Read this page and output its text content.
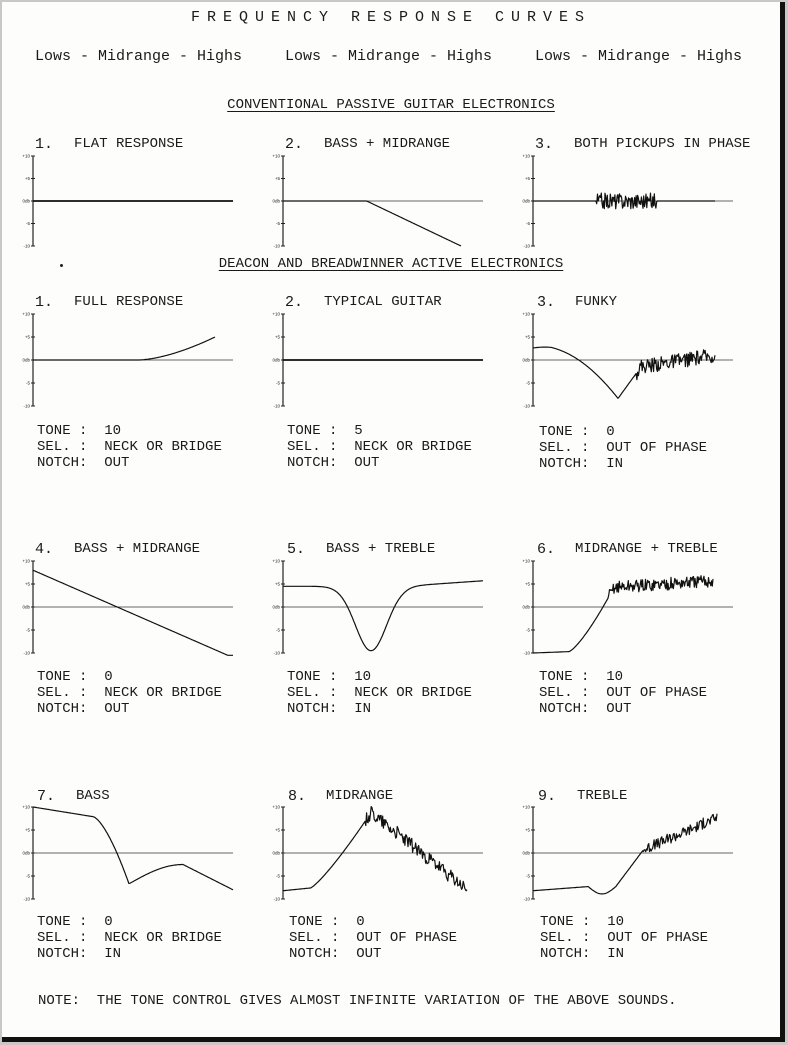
FREQUENCY RESPONSE CURVES
Lows - Midrange - Highs	Lows - Midrange - Highs	Lows - Midrange - Highs
CONVENTIONAL PASSIVE GUITAR ELECTRONICS
DEACON AND BREADWINNER ACTIVE ELECTRONICS
1. FLAT RESPONSE	2. BASS + MIDRANGE	3. BOTH PICKUPS IN PHASE
1. FULL RESPONSE	2. TYPICAL GUITAR	3. FUNKY
4. BASS + MIDRANGE	5. BASS + TREBLE	6. MIDRANGE + TREBLE
7. BASS	8. MIDRANGE	9. TREBLE
+10
+5
0db
-5
-10
+10
+5
0db
-5
-10
+10
+5
0db
-5
-10
+10
+5
0db
-5
-10
+10
+5
0db
-5
-10
+10
+5
0db
-5
-10
+10
+5
0db
-5
-10
+10
+5
0db
-5
-10
+10
+5
0db
-5
-10
+10
+5
0db
-5
-10
+10
+5
0db
-5
-10
+10
+5
0db
-5
-10
TONE : 10
SEL. : NECK OR BRIDGE
NOTCH: OUT
TONE : 5
SEL. : NECK OR BRIDGE
NOTCH: OUT
TONE : 0
SEL. : OUT OF PHASE
NOTCH: IN
TONE : 0
SEL. : NECK OR BRIDGE
NOTCH: OUT
TONE : 10
SEL. : NECK OR BRIDGE
NOTCH: IN
TONE : 10
SEL. : OUT OF PHASE
NOTCH: OUT
TONE : 0
SEL. : NECK OR BRIDGE
NOTCH: IN
TONE : 0
SEL. : OUT OF PHASE
NOTCH: OUT
TONE : 10
SEL. : OUT OF PHASE
NOTCH: IN
NOTE:  THE TONE CONTROL GIVES ALMOST INFINITE VARIATION OF THE ABOVE SOUNDS.
